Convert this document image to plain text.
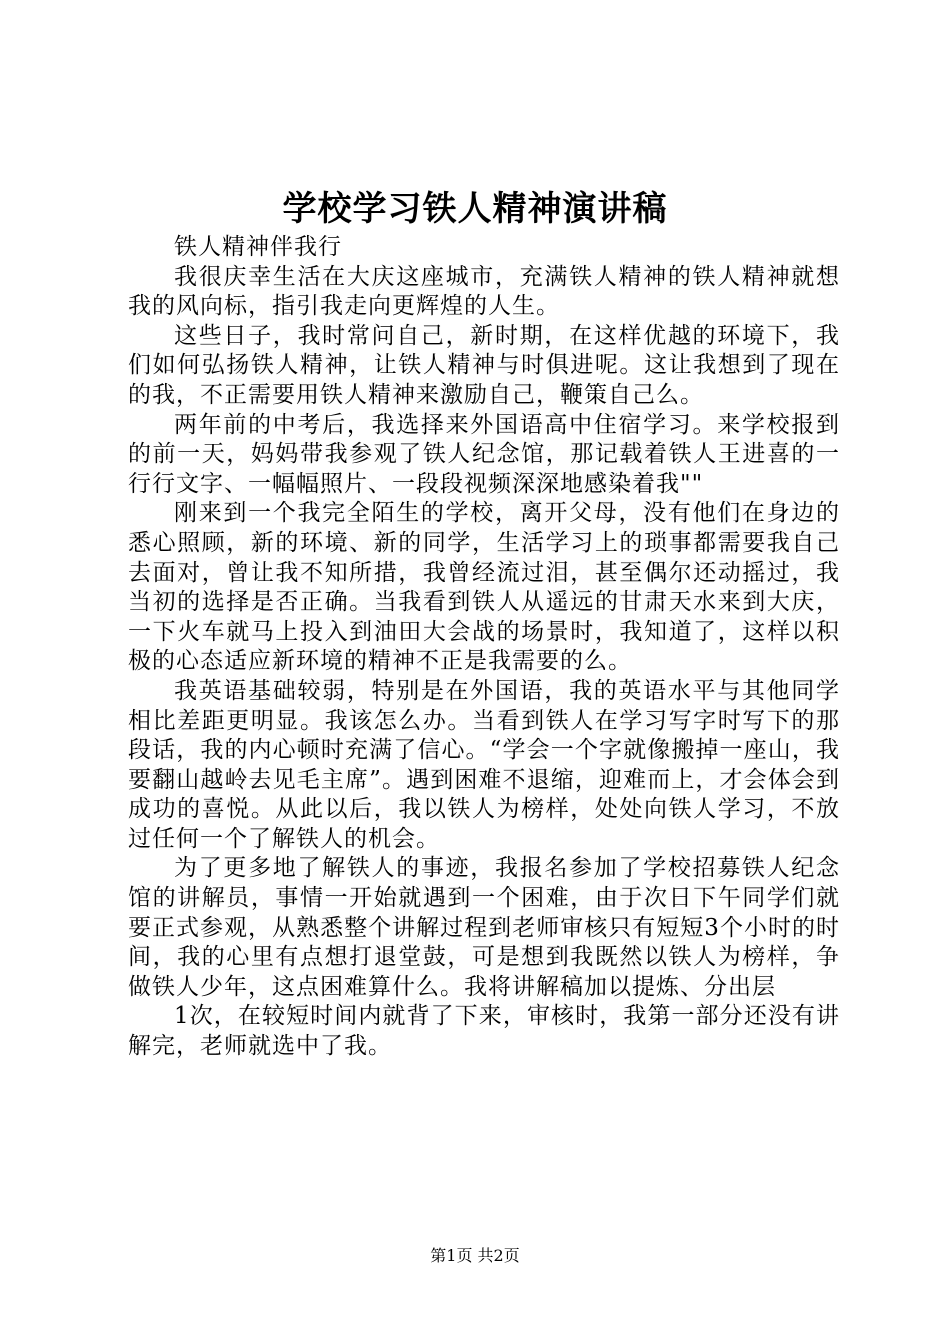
学校学习铁人精神演讲稿

铁人精神伴我行

我很庆幸生活在大庆这座城市，充满铁人精神的铁人精神就想我的风向标，指引我走向更辉煌的人生。

这些日子，我时常问自己，新时期，在这样优越的环境下，我们如何弘扬铁人精神，让铁人精神与时俱进呢。这让我想到了现在的我，不正需要用铁人精神来激励自己，鞭策自己么。

两年前的中考后，我选择来外国语高中住宿学习。来学校报到的前一天，妈妈带我参观了铁人纪念馆，那记载着铁人王进喜的一行行文字、一幅幅照片、一段段视频深深地感染着我""

刚来到一个我完全陌生的学校，离开父母，没有他们在身边的悉心照顾，新的环境、新的同学，生活学习上的琐事都需要我自己去面对，曾让我不知所措，我曾经流过泪，甚至偶尔还动摇过，我当初的选择是否正确。当我看到铁人从遥远的甘肃天水来到大庆，一下火车就马上投入到油田大会战的场景时，我知道了，这样以积极的心态适应新环境的精神不正是我需要的么。

我英语基础较弱，特别是在外国语，我的英语水平与其他同学相比差距更明显。我该怎么办。当看到铁人在学习写字时写下的那段话，我的内心顿时充满了信心。“学会一个字就像搬掉一座山，我要翻山越岭去见毛主席”。遇到困难不退缩，迎难而上，才会体会到成功的喜悦。从此以后，我以铁人为榜样，处处向铁人学习，不放过任何一个了解铁人的机会。

为了更多地了解铁人的事迹，我报名参加了学校招募铁人纪念馆的讲解员，事情一开始就遇到一个困难，由于次日下午同学们就要正式参观，从熟悉整个讲解过程到老师审核只有短短3个小时的时间，我的心里有点想打退堂鼓，可是想到我既然以铁人为榜样，争做铁人少年，这点困难算什么。我将讲解稿加以提炼、分出层

1次，在较短时间内就背了下来，审核时，我第一部分还没有讲解完，老师就选中了我。

第1页 共2页
